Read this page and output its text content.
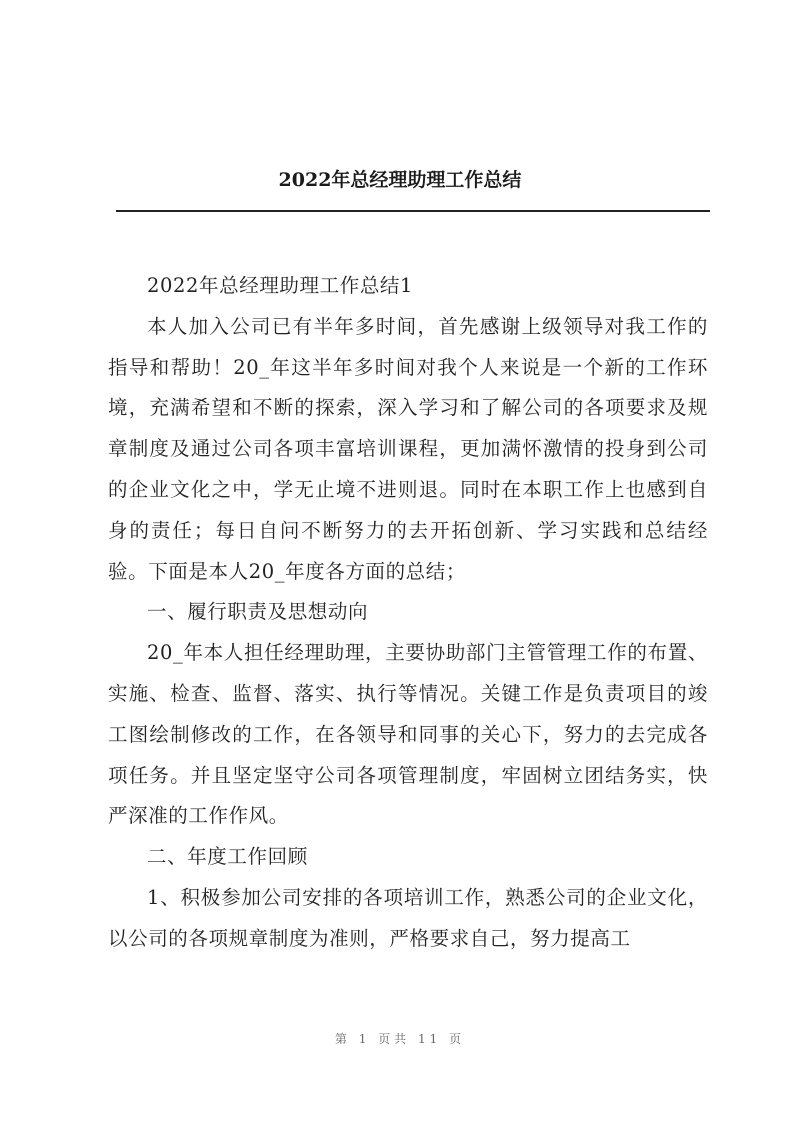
2022年总经理助理工作总结

2022年总经理助理工作总结1

本人加入公司已有半年多时间，首先感谢上级领导对我工作的指导和帮助！20_年这半年多时间对我个人来说是一个新的工作环境，充满希望和不断的探索，深入学习和了解公司的各项要求及规章制度及通过公司各项丰富培训课程，更加满怀激情的投身到公司的企业文化之中，学无止境不进则退。同时在本职工作上也感到自身的责任；每日自问不断努力的去开拓创新、学习实践和总结经验。下面是本人20_年度各方面的总结；

一、履行职责及思想动向

20_年本人担任经理助理，主要协助部门主管管理工作的布置、实施、检查、监督、落实、执行等情况。关键工作是负责项目的竣工图绘制修改的工作，在各领导和同事的关心下，努力的去完成各项任务。并且坚定坚守公司各项管理制度，牢固树立团结务实，快严深准的工作作风。

二、年度工作回顾

1、积极参加公司安排的各项培训工作，熟悉公司的企业文化，以公司的各项规章制度为准则，严格要求自己，努力提高工

第 1 页共 11 页
